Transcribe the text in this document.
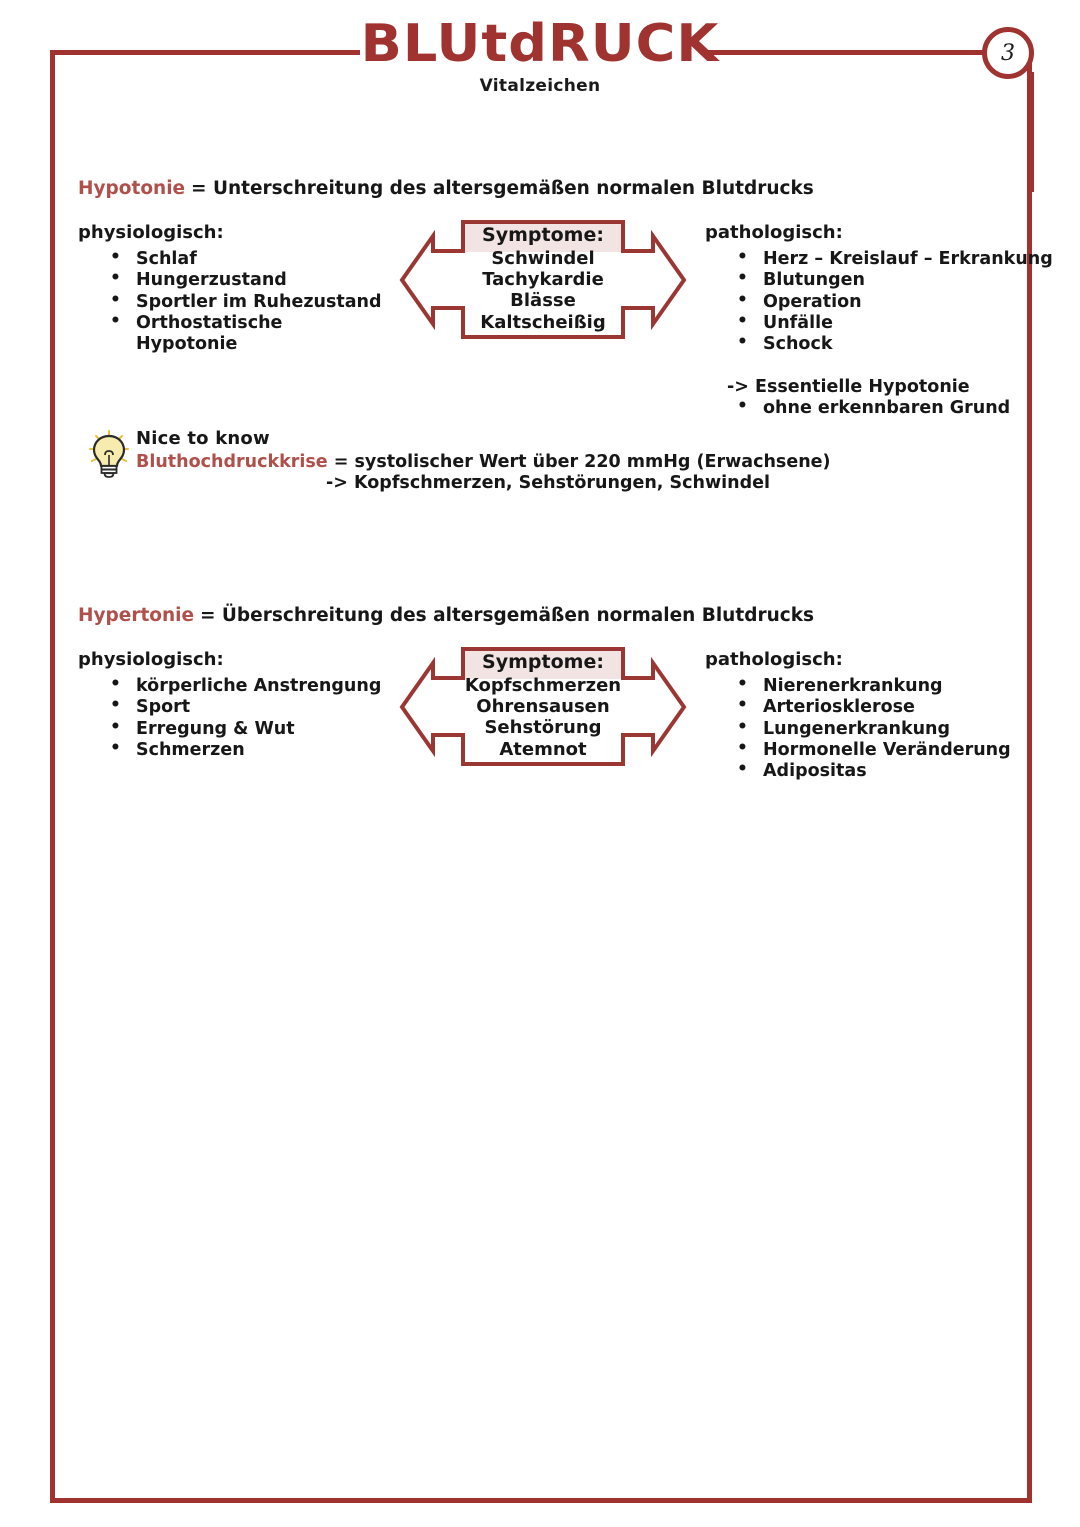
3
BLUtdRUCK
Vitalzeichen
Hypotonie = Unterschreitung des altersgemäßen normalen Blutdrucks
physiologisch:
• Schlaf
• Hungerzustand
• Sportler im Ruhezustand
• Orthostatische
Hypotonie
Symptome:
Schwindel
Tachykardie
Blässe
Kaltscheißig
pathologisch:
• Herz – Kreislauf – Erkrankung
• Blutungen
• Operation
• Unfälle
• Schock
-> Essentielle Hypotonie
• ohne erkennbaren Grund
Nice to know
Bluthochdruckkrise = systolischer Wert über 220 mmHg (Erwachsene)
-> Kopfschmerzen, Sehstörungen, Schwindel
Hypertonie = Überschreitung des altersgemäßen normalen Blutdrucks
physiologisch:
• körperliche Anstrengung
• Sport
• Erregung & Wut
• Schmerzen
Symptome:
Kopfschmerzen
Ohrensausen
Sehstörung
Atemnot
pathologisch:
• Nierenerkrankung
• Arteriosklerose
• Lungenerkrankung
• Hormonelle Veränderung
• Adipositas
